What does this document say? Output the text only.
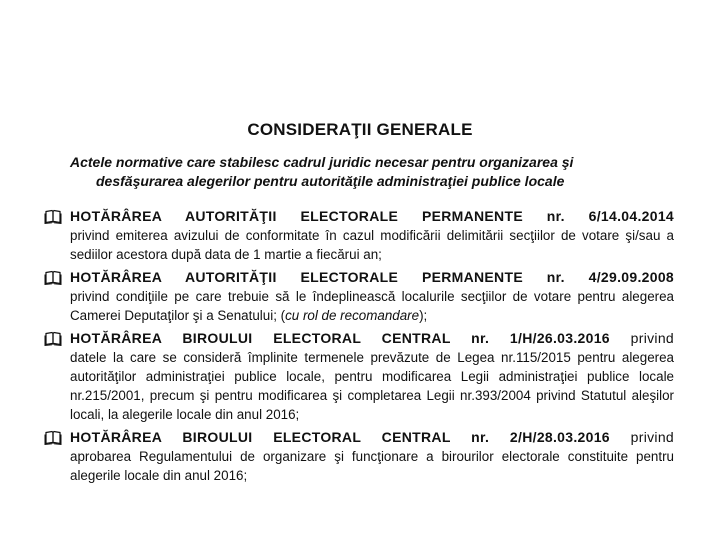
CONSIDERAŢII GENERALE
Actele normative care stabilesc cadrul juridic necesar pentru organizarea şi
desfăşurarea alegerilor pentru autorităţile administraţiei publice locale
HOTĂRÂREA AUTORITĂŢII ELECTORALE PERMANENTE nr. 6/14.04.2014
privind emiterea avizului de conformitate în cazul modificării delimitării secţiilor de votare şi/sau a sediilor acestora după data de 1 martie a fiecărui an;
HOTĂRÂREA AUTORITĂŢII ELECTORALE PERMANENTE nr. 4/29.09.2008
privind condiţiile pe care trebuie să le îndeplinească localurile secţiilor de votare pentru alegerea Camerei Deputaţilor şi a Senatului; (cu rol de recomandare);
HOTĂRÂREA BIROULUI ELECTORAL CENTRAL nr. 1/H/26.03.2016 privind
datele la care se consideră împlinite termenele prevăzute de Legea nr.115/2015 pentru alegerea autorităţilor administraţiei publice locale, pentru modificarea Legii administraţiei publice locale nr.215/2001, precum şi pentru modificarea şi completarea Legii nr.393/2004 privind Statutul aleşilor locali, la alegerile locale din anul 2016;
HOTĂRÂREA BIROULUI ELECTORAL CENTRAL nr. 2/H/28.03.2016 privind
aprobarea Regulamentului de organizare şi funcţionare a birourilor electorale constituite pentru alegerile locale din anul 2016;
